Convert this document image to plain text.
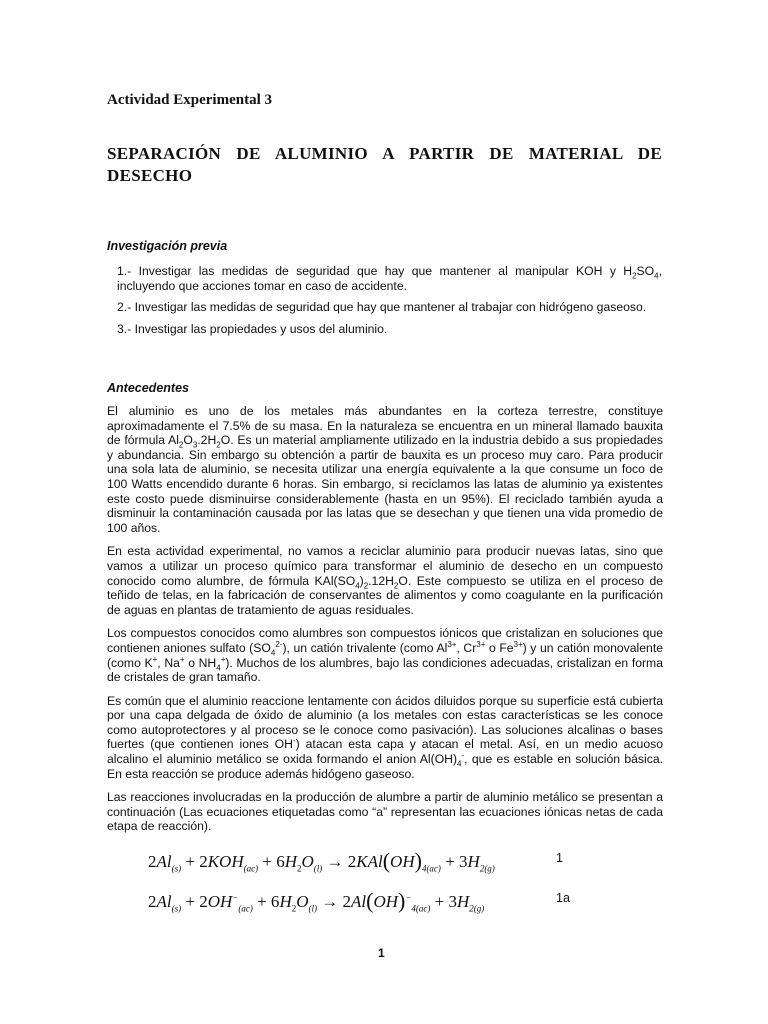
Actividad Experimental 3
SEPARACIÓN DE ALUMINIO A PARTIR DE MATERIAL DE DESECHO
Investigación previa
1.- Investigar las medidas de seguridad que hay que mantener al manipular KOH y $H_2SO_4$, incluyendo que acciones tomar en caso de accidente.
2.- Investigar las medidas de seguridad que hay que mantener al trabajar con hidrógeno gaseoso.
3.- Investigar las propiedades y usos del aluminio.
Antecedentes

El aluminio es uno de los metales más abundantes en la corteza terrestre, constituye aproximadamente el 7.5% de su masa. En la naturaleza se encuentra en un mineral llamado bauxita de fórmula $Al_2O_3.2H_2O$. Es un material ampliamente utilizado en la industria debido a sus propiedades y abundancia. Sin embargo su obtención a partir de bauxita es un proceso muy caro. Para producir una sola lata de aluminio, se necesita utilizar una energía equivalente a la que consume un foco de 100 Watts encendido durante 6 horas. Sin embargo, si reciclamos las latas de aluminio ya existentes este costo puede disminuirse considerablemente (hasta en un 95%). El reciclado también ayuda a disminuir la contaminación causada por las latas que se desechan y que tienen una vida promedio de 100 años.

En esta actividad experimental, no vamos a reciclar aluminio para producir nuevas latas, sino que vamos a utilizar un proceso químico para transformar el aluminio de desecho en un compuesto conocido como alumbre, de fórmula $KAl(SO_4)_2.12H_2O$. Este compuesto se utiliza en el proceso de teñido de telas, en la fabricación de conservantes de alimentos y como coagulante en la purificación de aguas en plantas de tratamiento de aguas residuales.

Los compuestos conocidos como alumbres son compuestos iónicos que cristalizan en soluciones que contienen aniones sulfato $(SO_4^{2-})$, un catión trivalente (como $Al^{3+}$, $Cr^{3+}$ o $Fe^{3+}$) y un catión monovalente (como K+, Na+ o $NH_4^+$). Muchos de los alumbres, bajo las condiciones adecuadas, cristalizan en forma de cristales de gran tamaño.

Es común que el aluminio reaccione lentamente con ácidos diluidos porque su superficie está cubierta por una capa delgada de óxido de aluminio (a los metales con estas características se les conoce como autoprotectores y al proceso se le conoce como pasivación). Las soluciones alcalinas o bases fuertes (que contienen iones OH-) atacan esta capa y atacan el metal. Así, en un medio acuoso alcalino el aluminio metálico se oxida formando el anion $Al(OH)_4^-$, que es estable en solución básica. En esta reacción se produce además hidógeno gaseoso.

Las reacciones involucradas en la producción de alumbre a partir de aluminio metálico se presentan a continuación (Las ecuaciones etiquetadas como “a” representan las ecuaciones iónicas netas de cada etapa de reacción).

$2Al_{(s)} + 2KOH_{(ac)} + 6H_2O_{(l)} \to 2KAl(OH)_{4(ac)} + 3H_{2(g)}$
1
$2Al_{(s)} + 2OH^-_{(ac)} + 6H_2O_{(l)} \to 2Al(OH)^-_{4(ac)} + 3H_{2(g)}$
1a
1
